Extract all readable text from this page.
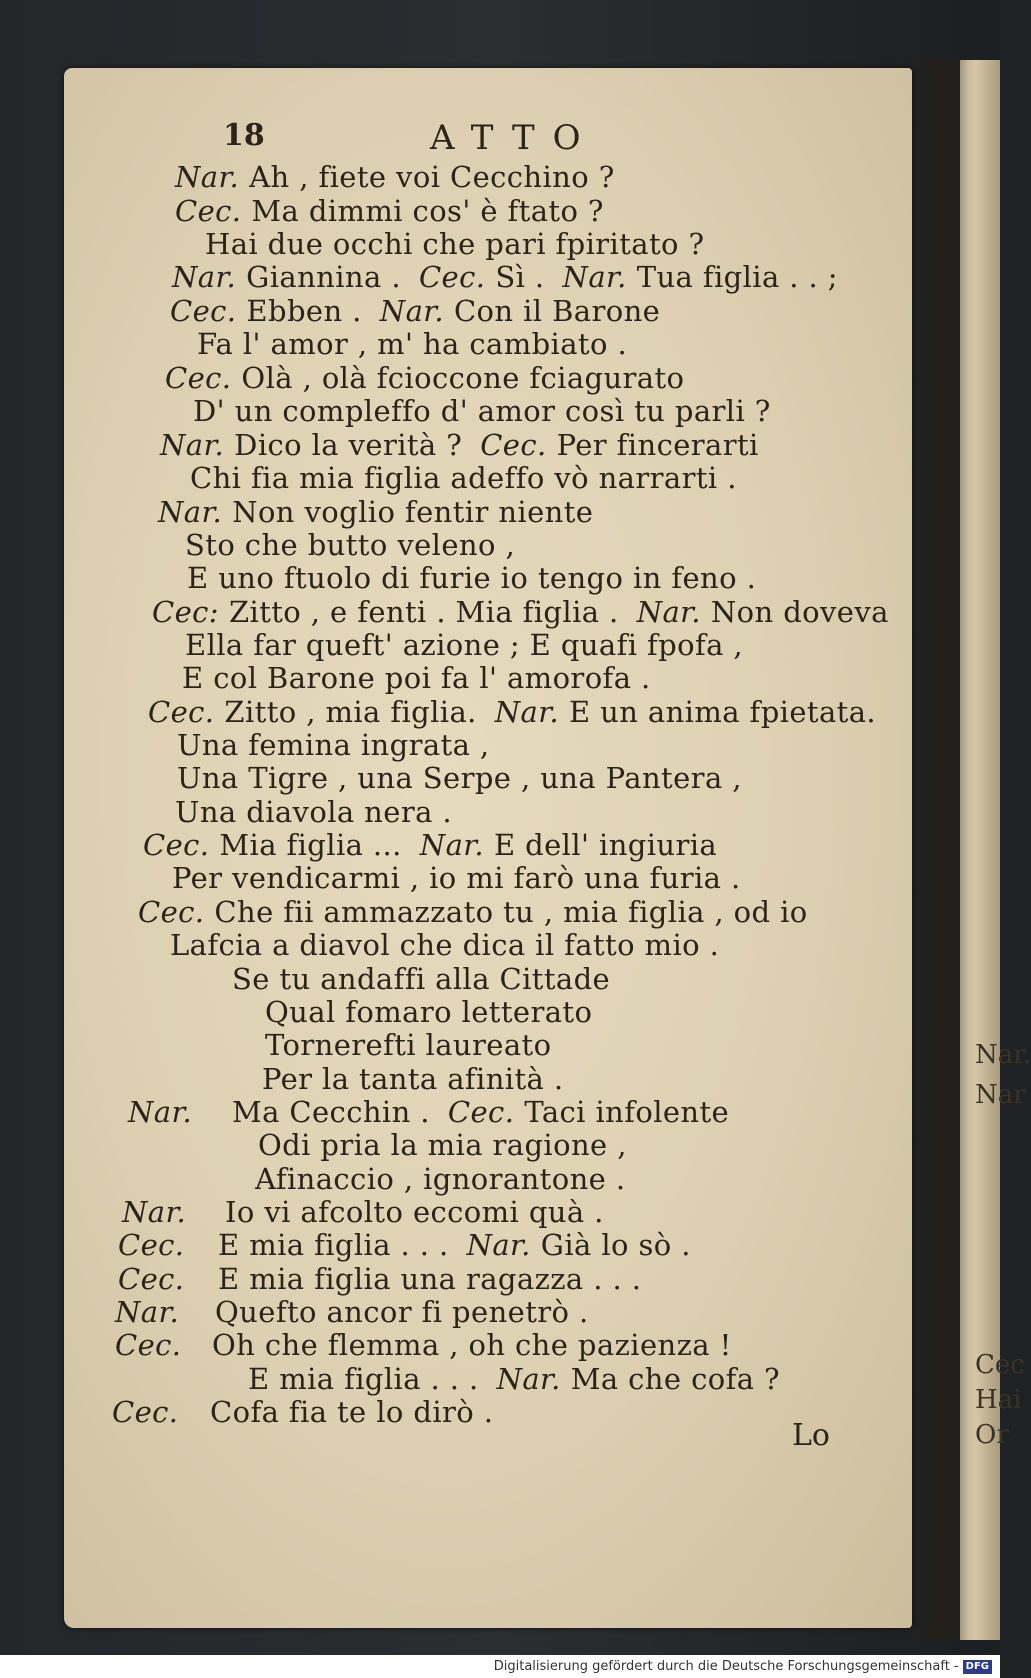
Nar.
Nar
Cec
Hai
Or
18	ATTO
Nar. Ah , fiete voi Cecchino ?
Cec. Ma dimmi cos' è ftato ?
Hai due occhi che pari fpiritato ?
Nar. Giannina . Cec. Sì . Nar. Tua figlia . . ;
Cec. Ebben . Nar. Con il Barone
Fa l' amor , m' ha cambiato .
Cec. Olà , olà fcioccone fciagurato
D' un compleffo d' amor così tu parli ?
Nar. Dico la verità ? Cec. Per fincerarti
Chi fia mia figlia adeffo vò narrarti .
Nar. Non voglio fentir niente
Sto che butto veleno ,
E uno ftuolo di furie io tengo in feno .
Cec: Zitto , e fenti . Mia figlia . Nar. Non doveva
Ella far queft' azione ; E quafi fpofa ,
E col Barone poi fa l' amorofa .
Cec. Zitto , mia figlia. Nar. E un anima fpietata.
Una femina ingrata ,
Una Tigre , una Serpe , una Pantera ,
Una diavola nera .
Cec. Mia figlia ... Nar. E dell' ingiuria
Per vendicarmi , io mi farò una furia .
Cec. Che fii ammazzato tu , mia figlia , od io
Lafcia a diavol che dica il fatto mio .
Se tu andaffi alla Cittade
Qual fomaro letterato
Tornerefti laureato
Per la tanta afinità .
Nar. Ma Cecchin . Cec. Taci infolente
Odi pria la mia ragione ,
Afinaccio , ignorantone .
Nar. Io vi afcolto eccomi quà .
Cec. E mia figlia . . . Nar. Già lo sò .
Cec. E mia figlia una ragazza . . .
Nar. Quefto ancor fi penetrò .
Cec. Oh che flemma , oh che pazienza !
E mia figlia . . . Nar. Ma che cofa ?
Cec. Cofa fia te lo dirò .
Lo
Digitalisierung gefördert durch die Deutsche Forschungsgemeinschaft - DFG
